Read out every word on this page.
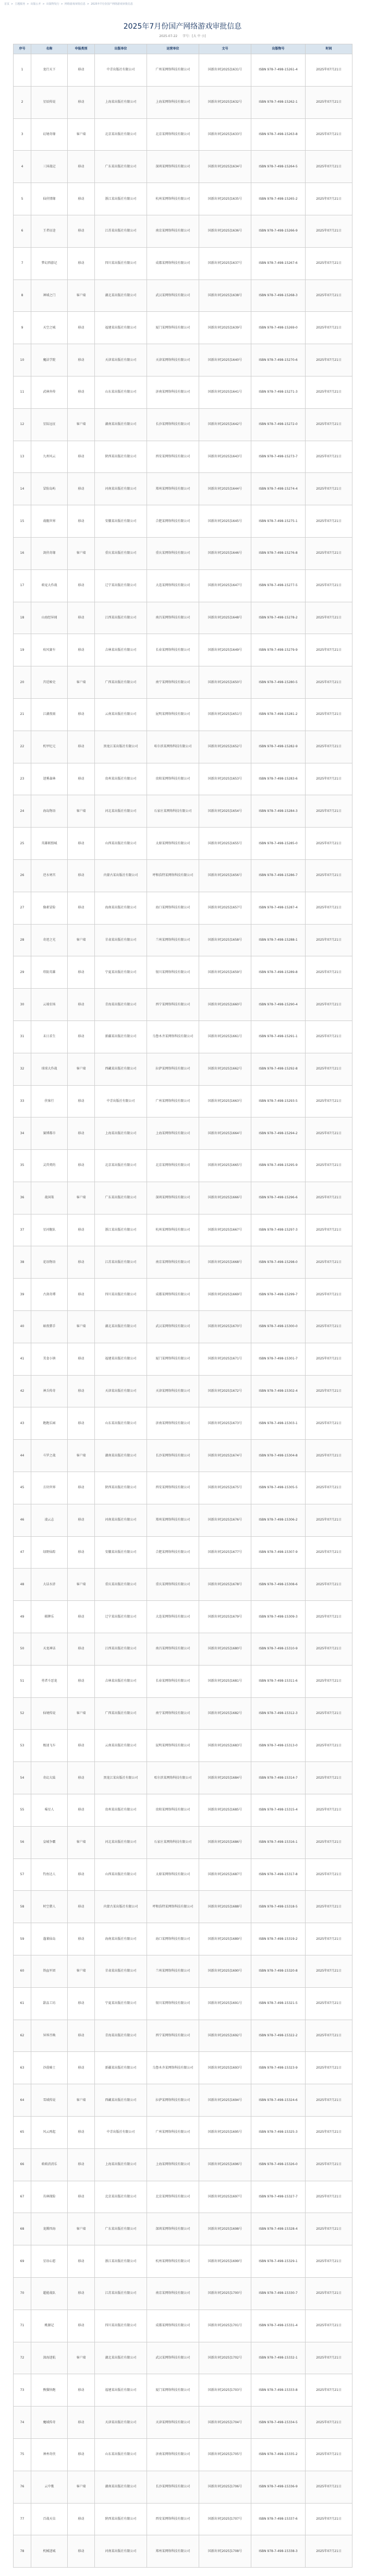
首页 > 主题服务 > 出版公开 > 出版物发行 > 网络游戏审批信息 > 2025年7月份国产网络游戏审批信息
2025年7月份国产网络游戏审批信息
2025-07-22 字号：[大 中 小]
序号	名称	申报类别	出版单位	运营单位	文号	出版物号	时间
1	龙行天下	移动	中青出版社有限公司	广州某网络科技有限公司	国新出审[2025]1631号	ISBN 978-7-498-15261-4	2025年07月21日
2	星辰传说	移动	上海某出版社有限公司	上海某网络科技有限公司	国新出审[2025]1632号	ISBN 978-7-498-15262-1	2025年07月21日
3	幻境奇缘	客户端	北京某出版社有限公司	北京某网络科技有限公司	国新出审[2025]1633号	ISBN 978-7-498-15263-8	2025年07月21日
4	三国战记	移动	广东某出版社有限公司	深圳某网络科技有限公司	国新出审[2025]1634号	ISBN 978-7-498-15264-5	2025年07月21日
5	仙侠情缘	移动	浙江某出版社有限公司	杭州某网络科技有限公司	国新出审[2025]1635号	ISBN 978-7-498-15265-2	2025年07月21日
6	王者征途	移动	江苏某出版社有限公司	南京某网络科技有限公司	国新出审[2025]1636号	ISBN 978-7-498-15266-9	2025年07月21日
7	梦幻西游记	移动	四川某出版社有限公司	成都某网络科技有限公司	国新出审[2025]1637号	ISBN 978-7-498-15267-6	2025年07月21日
8	神域之门	客户端	湖北某出版社有限公司	武汉某网络科技有限公司	国新出审[2025]1638号	ISBN 978-7-498-15268-3	2025年07月21日
9	天空之城	移动	福建某出版社有限公司	厦门某网络科技有限公司	国新出审[2025]1639号	ISBN 978-7-498-15269-0	2025年07月21日
10	魔法学院	移动	天津某出版社有限公司	天津某网络科技有限公司	国新出审[2025]1640号	ISBN 978-7-498-15270-6	2025年07月21日
11	武林外传	移动	山东某出版社有限公司	济南某网络科技有限公司	国新出审[2025]1641号	ISBN 978-7-498-15271-3	2025年07月21日
12	星际远征	客户端	湖南某出版社有限公司	长沙某网络科技有限公司	国新出审[2025]1642号	ISBN 978-7-498-15272-0	2025年07月21日
13	九州风云	移动	陕西某出版社有限公司	西安某网络科技有限公司	国新出审[2025]1643号	ISBN 978-7-498-15273-7	2025年07月21日
14	冒险岛屿	移动	河南某出版社有限公司	郑州某网络科技有限公司	国新出审[2025]1644号	ISBN 978-7-498-15274-4	2025年07月21日
15	战舰世界	移动	安徽某出版社有限公司	合肥某网络科技有限公司	国新出审[2025]1645号	ISBN 978-7-498-15275-1	2025年07月21日
16	剑侠奇缘	客户端	重庆某出版社有限公司	重庆某网络科技有限公司	国新出审[2025]1646号	ISBN 978-7-498-15276-8	2025年07月21日
17	萌宠大作战	移动	辽宁某出版社有限公司	大连某网络科技有限公司	国新出审[2025]1647号	ISBN 978-7-498-15277-5	2025年07月21日
18	山海经异闻	移动	江西某出版社有限公司	南昌某网络科技有限公司	国新出审[2025]1648号	ISBN 978-7-498-15278-2	2025年07月21日
19	疾风赛车	移动	吉林某出版社有限公司	长春某网络科技有限公司	国新出审[2025]1649号	ISBN 978-7-498-15279-9	2025年07月21日
20	宫廷秘史	客户端	广西某出版社有限公司	南宁某网络科技有限公司	国新出审[2025]1650号	ISBN 978-7-498-15280-5	2025年07月21日
21	江湖夜雨	移动	云南某出版社有限公司	昆明某网络科技有限公司	国新出审[2025]1651号	ISBN 978-7-498-15281-2	2025年07月21日
22	机甲纪元	移动	黑龙江某出版社有限公司	哈尔滨某网络科技有限公司	国新出审[2025]1652号	ISBN 978-7-498-15282-9	2025年07月21日
23	迷雾森林	移动	贵州某出版社有限公司	贵阳某网络科技有限公司	国新出审[2025]1653号	ISBN 978-7-498-15283-6	2025年07月21日
24	海岛物语	客户端	河北某出版社有限公司	石家庄某网络科技有限公司	国新出审[2025]1654号	ISBN 978-7-498-15284-3	2025年07月21日
25	英雄联盟城	移动	山西某出版社有限公司	太原某网络科技有限公司	国新出审[2025]1655号	ISBN 978-7-498-15285-0	2025年07月21日
26	逆水寒宫	移动	内蒙古某出版社有限公司	呼和浩特某网络科技有限公司	国新出审[2025]1656号	ISBN 978-7-498-15286-7	2025年07月21日
27	像素冒险	移动	海南某出版社有限公司	海口某网络科技有限公司	国新出审[2025]1657号	ISBN 978-7-498-15287-4	2025年07月21日
28	奇迹之光	客户端	甘肃某出版社有限公司	兰州某网络科技有限公司	国新出审[2025]1658号	ISBN 978-7-498-15288-1	2025年07月21日
29	塔防英雄	移动	宁夏某出版社有限公司	银川某网络科技有限公司	国新出审[2025]1659号	ISBN 978-7-498-15289-8	2025年07月21日
30	云端农场	移动	青海某出版社有限公司	西宁某网络科技有限公司	国新出审[2025]1660号	ISBN 978-7-498-15290-4	2025年07月21日
31	末日求生	移动	新疆某出版社有限公司	乌鲁木齐某网络科技有限公司	国新出审[2025]1661号	ISBN 978-7-498-15291-1	2025年07月21日
32	球球大作战	客户端	西藏某出版社有限公司	拉萨某网络科技有限公司	国新出审[2025]1662号	ISBN 978-7-498-15292-8	2025年07月21日
33	侠客行	移动	中青出版社有限公司	广州某网络科技有限公司	国新出审[2025]1663号	ISBN 978-7-498-15293-5	2025年07月21日
34	赛博都市	移动	上海某出版社有限公司	上海某网络科技有限公司	国新出审[2025]1664号	ISBN 978-7-498-15294-2	2025年07月21日
35	灵兽契约	移动	北京某出版社有限公司	北京某网络科技有限公司	国新出审[2025]1665号	ISBN 978-7-498-15295-9	2025年07月21日
36	战国策	客户端	广东某出版社有限公司	深圳某网络科技有限公司	国新出审[2025]1666号	ISBN 978-7-498-15296-6	2025年07月21日
37	星河舰队	移动	浙江某出版社有限公司	杭州某网络科技有限公司	国新出审[2025]1667号	ISBN 978-7-498-15297-3	2025年07月21日
38	花语物语	移动	江苏某出版社有限公司	南京某网络科技有限公司	国新出审[2025]1668号	ISBN 978-7-498-15298-0	2025年07月21日
39	古剑奇谭	移动	四川某出版社有限公司	成都某网络科技有限公司	国新出审[2025]1669号	ISBN 978-7-498-15299-7	2025年07月21日
40	暗夜猎手	客户端	湖北某出版社有限公司	武汉某网络科技有限公司	国新出审[2025]1670号	ISBN 978-7-498-15300-0	2025年07月21日
41	美食小镇	移动	福建某出版社有限公司	厦门某网络科技有限公司	国新出审[2025]1671号	ISBN 978-7-498-15301-7	2025年07月21日
42	神兵传奇	移动	天津某出版社有限公司	天津某网络科技有限公司	国新出审[2025]1672号	ISBN 978-7-498-15302-4	2025年07月21日
43	跑跑乐园	移动	山东某出版社有限公司	济南某网络科技有限公司	国新出审[2025]1673号	ISBN 978-7-498-15303-1	2025年07月21日
44	斗罗之战	客户端	湖南某出版社有限公司	长沙某网络科技有限公司	国新出审[2025]1674号	ISBN 978-7-498-15304-8	2025年07月21日
45	方块世界	移动	陕西某出版社有限公司	西安某网络科技有限公司	国新出审[2025]1675号	ISBN 978-7-498-15305-5	2025年07月21日
46	凌云志	移动	河南某出版社有限公司	郑州某网络科技有限公司	国新出审[2025]1676号	ISBN 978-7-498-15306-2	2025年07月21日
47	绿野仙踪	移动	安徽某出版社有限公司	合肥某网络科技有限公司	国新出审[2025]1677号	ISBN 978-7-498-15307-9	2025年07月21日
48	大话水浒	客户端	重庆某出版社有限公司	重庆某网络科技有限公司	国新出审[2025]1678号	ISBN 978-7-498-15308-6	2025年07月21日
49	棋牌乐	移动	辽宁某出版社有限公司	大连某网络科技有限公司	国新出审[2025]1679号	ISBN 978-7-498-15309-3	2025年07月21日
50	天龙神话	移动	江西某出版社有限公司	南昌某网络科技有限公司	国新出审[2025]1680号	ISBN 978-7-498-15310-9	2025年07月21日
51	勇者斗恶龙	移动	吉林某出版社有限公司	长春某网络科技有限公司	国新出审[2025]1681号	ISBN 978-7-498-15311-6	2025年07月21日
52	仙境传说	客户端	广西某出版社有限公司	南宁某网络科技有限公司	国新出审[2025]1682号	ISBN 978-7-498-15312-3	2025年07月21日
53	极速飞车	移动	云南某出版社有限公司	昆明某网络科技有限公司	国新出审[2025]1683号	ISBN 978-7-498-15313-0	2025年07月21日
54	奇幻大陆	移动	黑龙江某出版社有限公司	哈尔滨某网络科技有限公司	国新出审[2025]1684号	ISBN 978-7-498-15314-7	2025年07月21日
55	喵星人	移动	贵州某出版社有限公司	贵阳某网络科技有限公司	国新出审[2025]1685号	ISBN 978-7-498-15315-4	2025年07月21日
56	皇城争霸	客户端	河北某出版社有限公司	石家庄某网络科技有限公司	国新出审[2025]1686号	ISBN 978-7-498-15316-1	2025年07月21日
57	钓鱼达人	移动	山西某出版社有限公司	太原某网络科技有限公司	国新出审[2025]1687号	ISBN 978-7-498-15317-8	2025年07月21日
58	时空猎人	移动	内蒙古某出版社有限公司	呼和浩特某网络科技有限公司	国新出审[2025]1688号	ISBN 978-7-498-15318-5	2025年07月21日
59	蓬莱仙岛	移动	海南某出版社有限公司	海口某网络科技有限公司	国新出审[2025]1689号	ISBN 978-7-498-15319-2	2025年07月21日
60	铁血军团	客户端	甘肃某出版社有限公司	兰州某网络科技有限公司	国新出审[2025]1690号	ISBN 978-7-498-15320-8	2025年07月21日
61	甜品工坊	移动	宁夏某出版社有限公司	银川某网络科技有限公司	国新出审[2025]1691号	ISBN 978-7-498-15321-5	2025年07月21日
62	异界召唤	移动	青海某出版社有限公司	西宁某网络科技有限公司	国新出审[2025]1692号	ISBN 978-7-498-15322-2	2025年07月21日
63	沙漠骑士	移动	新疆某出版社有限公司	乌鲁木齐某网络科技有限公司	国新出审[2025]1693号	ISBN 978-7-498-15323-9	2025年07月21日
64	雪域传说	客户端	西藏某出版社有限公司	拉萨某网络科技有限公司	国新出审[2025]1694号	ISBN 978-7-498-15324-6	2025年07月21日
65	风云再起	移动	中青出版社有限公司	广州某网络科技有限公司	国新出审[2025]1695号	ISBN 978-7-498-15325-3	2025年07月21日
66	萌萌消消乐	移动	上海某出版社有限公司	上海某网络科技有限公司	国新出审[2025]1696号	ISBN 978-7-498-15326-0	2025年07月21日
67	丛林探险	移动	北京某出版社有限公司	北京某网络科技有限公司	国新出审[2025]1697号	ISBN 978-7-498-15327-7	2025年07月21日
68	龙腾四海	客户端	广东某出版社有限公司	深圳某网络科技有限公司	国新出审[2025]1698号	ISBN 978-7-498-15328-4	2025年07月21日
69	星语心愿	移动	浙江某出版社有限公司	杭州某网络科技有限公司	国新出审[2025]1699号	ISBN 978-7-498-15329-1	2025年07月21日
70	超能战队	移动	江苏某出版社有限公司	南京某网络科技有限公司	国新出审[2025]1700号	ISBN 978-7-498-15330-7	2025年07月21日
71	桃源记	移动	四川某出版社有限公司	成都某网络科技有限公司	国新出审[2025]1701号	ISBN 978-7-498-15331-4	2025年07月21日
72	深海迷航	客户端	湖北某出版社有限公司	武汉某网络科技有限公司	国新出审[2025]1702号	ISBN 978-7-498-15332-1	2025年07月21日
73	熊猫快跑	移动	福建某出版社有限公司	厦门某网络科技有限公司	国新出审[2025]1703号	ISBN 978-7-498-15333-8	2025年07月21日
74	魔域传奇	移动	天津某出版社有限公司	天津某网络科技有限公司	国新出审[2025]1704号	ISBN 978-7-498-15334-5	2025年07月21日
75	神州奇侠	移动	山东某出版社有限公司	济南某网络科技有限公司	国新出审[2025]1705号	ISBN 978-7-498-15335-2	2025年07月21日
76	云中歌	客户端	湖南某出版社有限公司	长沙某网络科技有限公司	国新出审[2025]1706号	ISBN 978-7-498-15336-9	2025年07月21日
77	百战天虫	移动	陕西某出版社有限公司	西安某网络科技有限公司	国新出审[2025]1707号	ISBN 978-7-498-15337-6	2025年07月21日
78	机械迷城	移动	河南某出版社有限公司	郑州某网络科技有限公司	国新出审[2025]1708号	ISBN 978-7-498-15338-3	2025年07月21日
